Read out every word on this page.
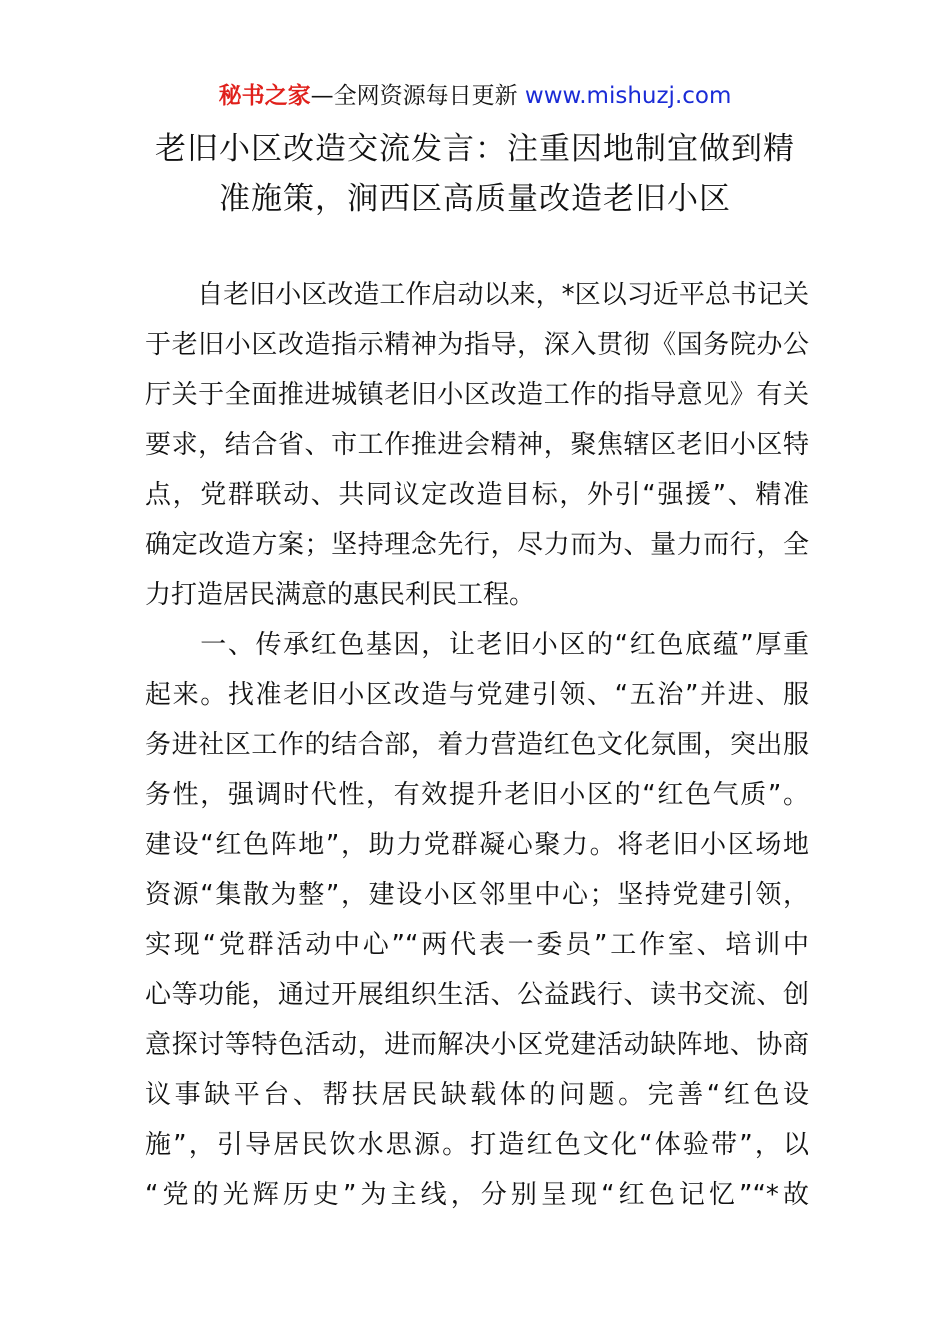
秘书之家—全网资源每日更新 www.mishuzj.com
老旧小区改造交流发言：注重因地制宜做到精
准施策，涧西区高质量改造老旧小区
　　自老旧小区改造工作启动以来，*区以习近平总书记关
于老旧小区改造指示精神为指导，深入贯彻《国务院办公
厅关于全面推进城镇老旧小区改造工作的指导意见》有关
要求，结合省、市工作推进会精神，聚焦辖区老旧小区特
点，党群联动、共同议定改造目标，外引“强援”、精准
确定改造方案；坚持理念先行，尽力而为、量力而行，全
力打造居民满意的惠民利民工程。
　　一、传承红色基因，让老旧小区的“红色底蕴”厚重
起来。找准老旧小区改造与党建引领、“五治”并进、服
务进社区工作的结合部，着力营造红色文化氛围，突出服
务性，强调时代性，有效提升老旧小区的“红色气质”。
建设“红色阵地”，助力党群凝心聚力。将老旧小区场地
资源“集散为整”，建设小区邻里中心；坚持党建引领，
实现“党群活动中心”“两代表一委员”工作室、培训中
心等功能，通过开展组织生活、公益践行、读书交流、创
意探讨等特色活动，进而解决小区党建活动缺阵地、协商
议事缺平台、帮扶居民缺载体的问题。完善“红色设
施”，引导居民饮水思源。打造红色文化“体验带”，以
“党的光辉历史”为主线，分别呈现“红色记忆”“*故
